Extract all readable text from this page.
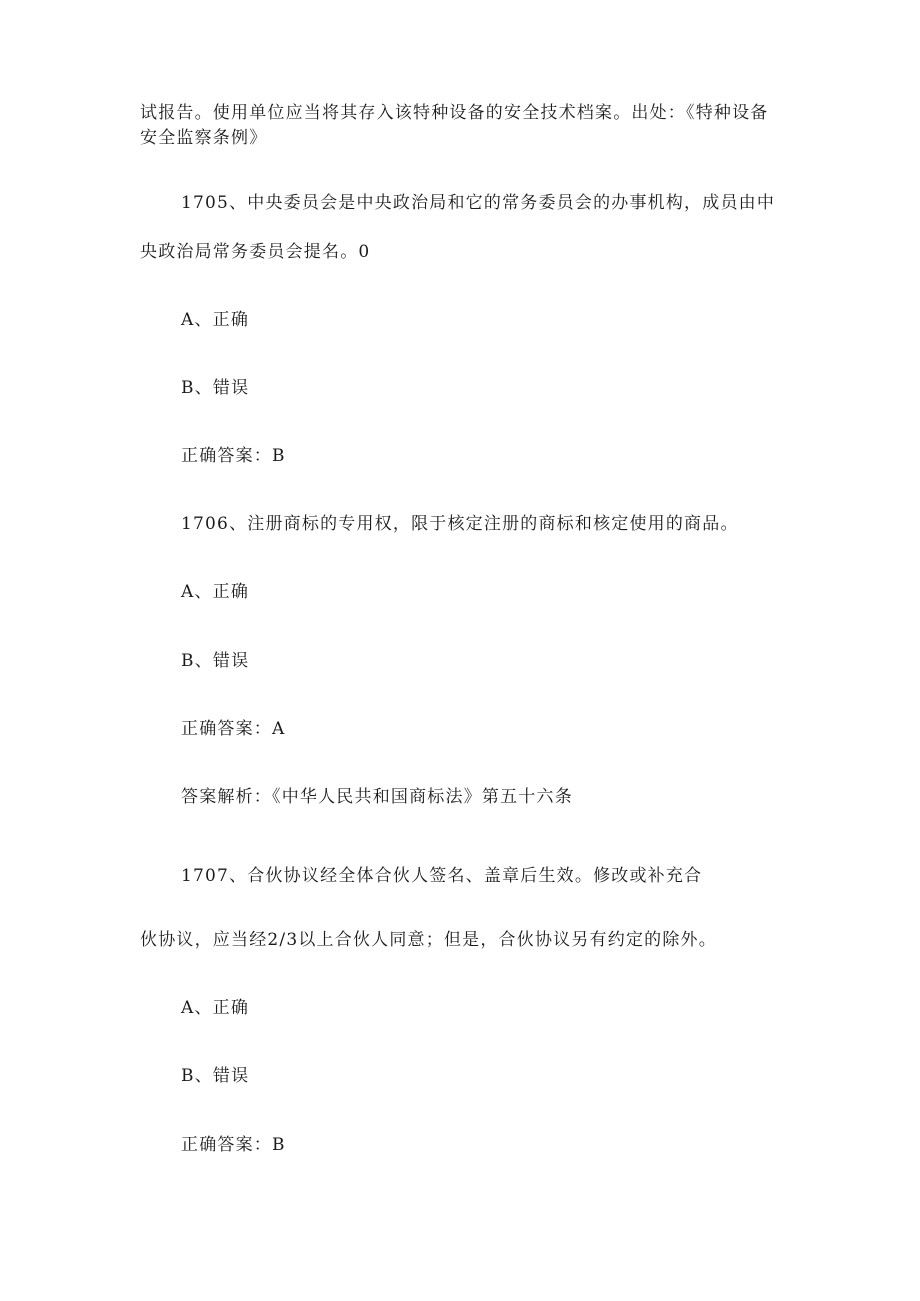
试报告。使用单位应当将其存入该特种设备的安全技术档案。出处：《特种设备
安全监察条例》
1705、中央委员会是中央政治局和它的常务委员会的办事机构，成员由中
央政治局常务委员会提名。0
A、正确
B、错误
正确答案：B
1706、注册商标的专用权，限于核定注册的商标和核定使用的商品。
A、正确
B、错误
正确答案：A
答案解析：《中华人民共和国商标法》第五十六条
1707、合伙协议经全体合伙人签名、盖章后生效。修改或补充合
伙协议，应当经2/3以上合伙人同意；但是，合伙协议另有约定的除外。
A、正确
B、错误
正确答案：B
